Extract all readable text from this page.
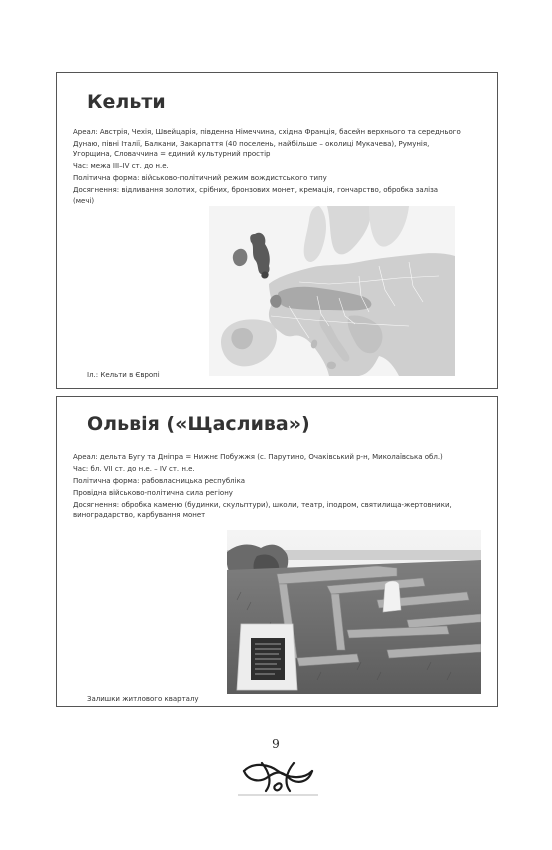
Кельти
Ареал: Австрія, Чехія, Швейцарія, південна Німеччина, східна Франція, басейн верхнього та середнього
Дунаю, півні Італії, Балкани, Закарпаття (40 поселень, найбільше – околиці Мукачева), Румунія,
Угорщина, Словаччина = єдиний культурний простір
Час: межа III–IV ст. до н.е.
Політична форма: військово-політичний режим вождистського типу
Досягнення: відливання золотих, срібних, бронзових монет, кремація, гончарство, обробка заліза
(мечі)
Іл.: Кельти в Європі
Ольвія («Щаслива»)
Ареал: дельта Бугу та Дніпра = Нижнє Побужжя (с. Парутино, Очаківський р-н, Миколаївська обл.)
Час: бл. VII ст. до н.е. – IV ст. н.е.
Політична форма: рабовласницька республіка
Провідна військово-політична сила регіону
Досягнення: обробка каменю (будинки, скульптури), школи, театр, іподром, святилища-жертовники,
виноградарство, карбування монет
Залишки житлового кварталу
9
